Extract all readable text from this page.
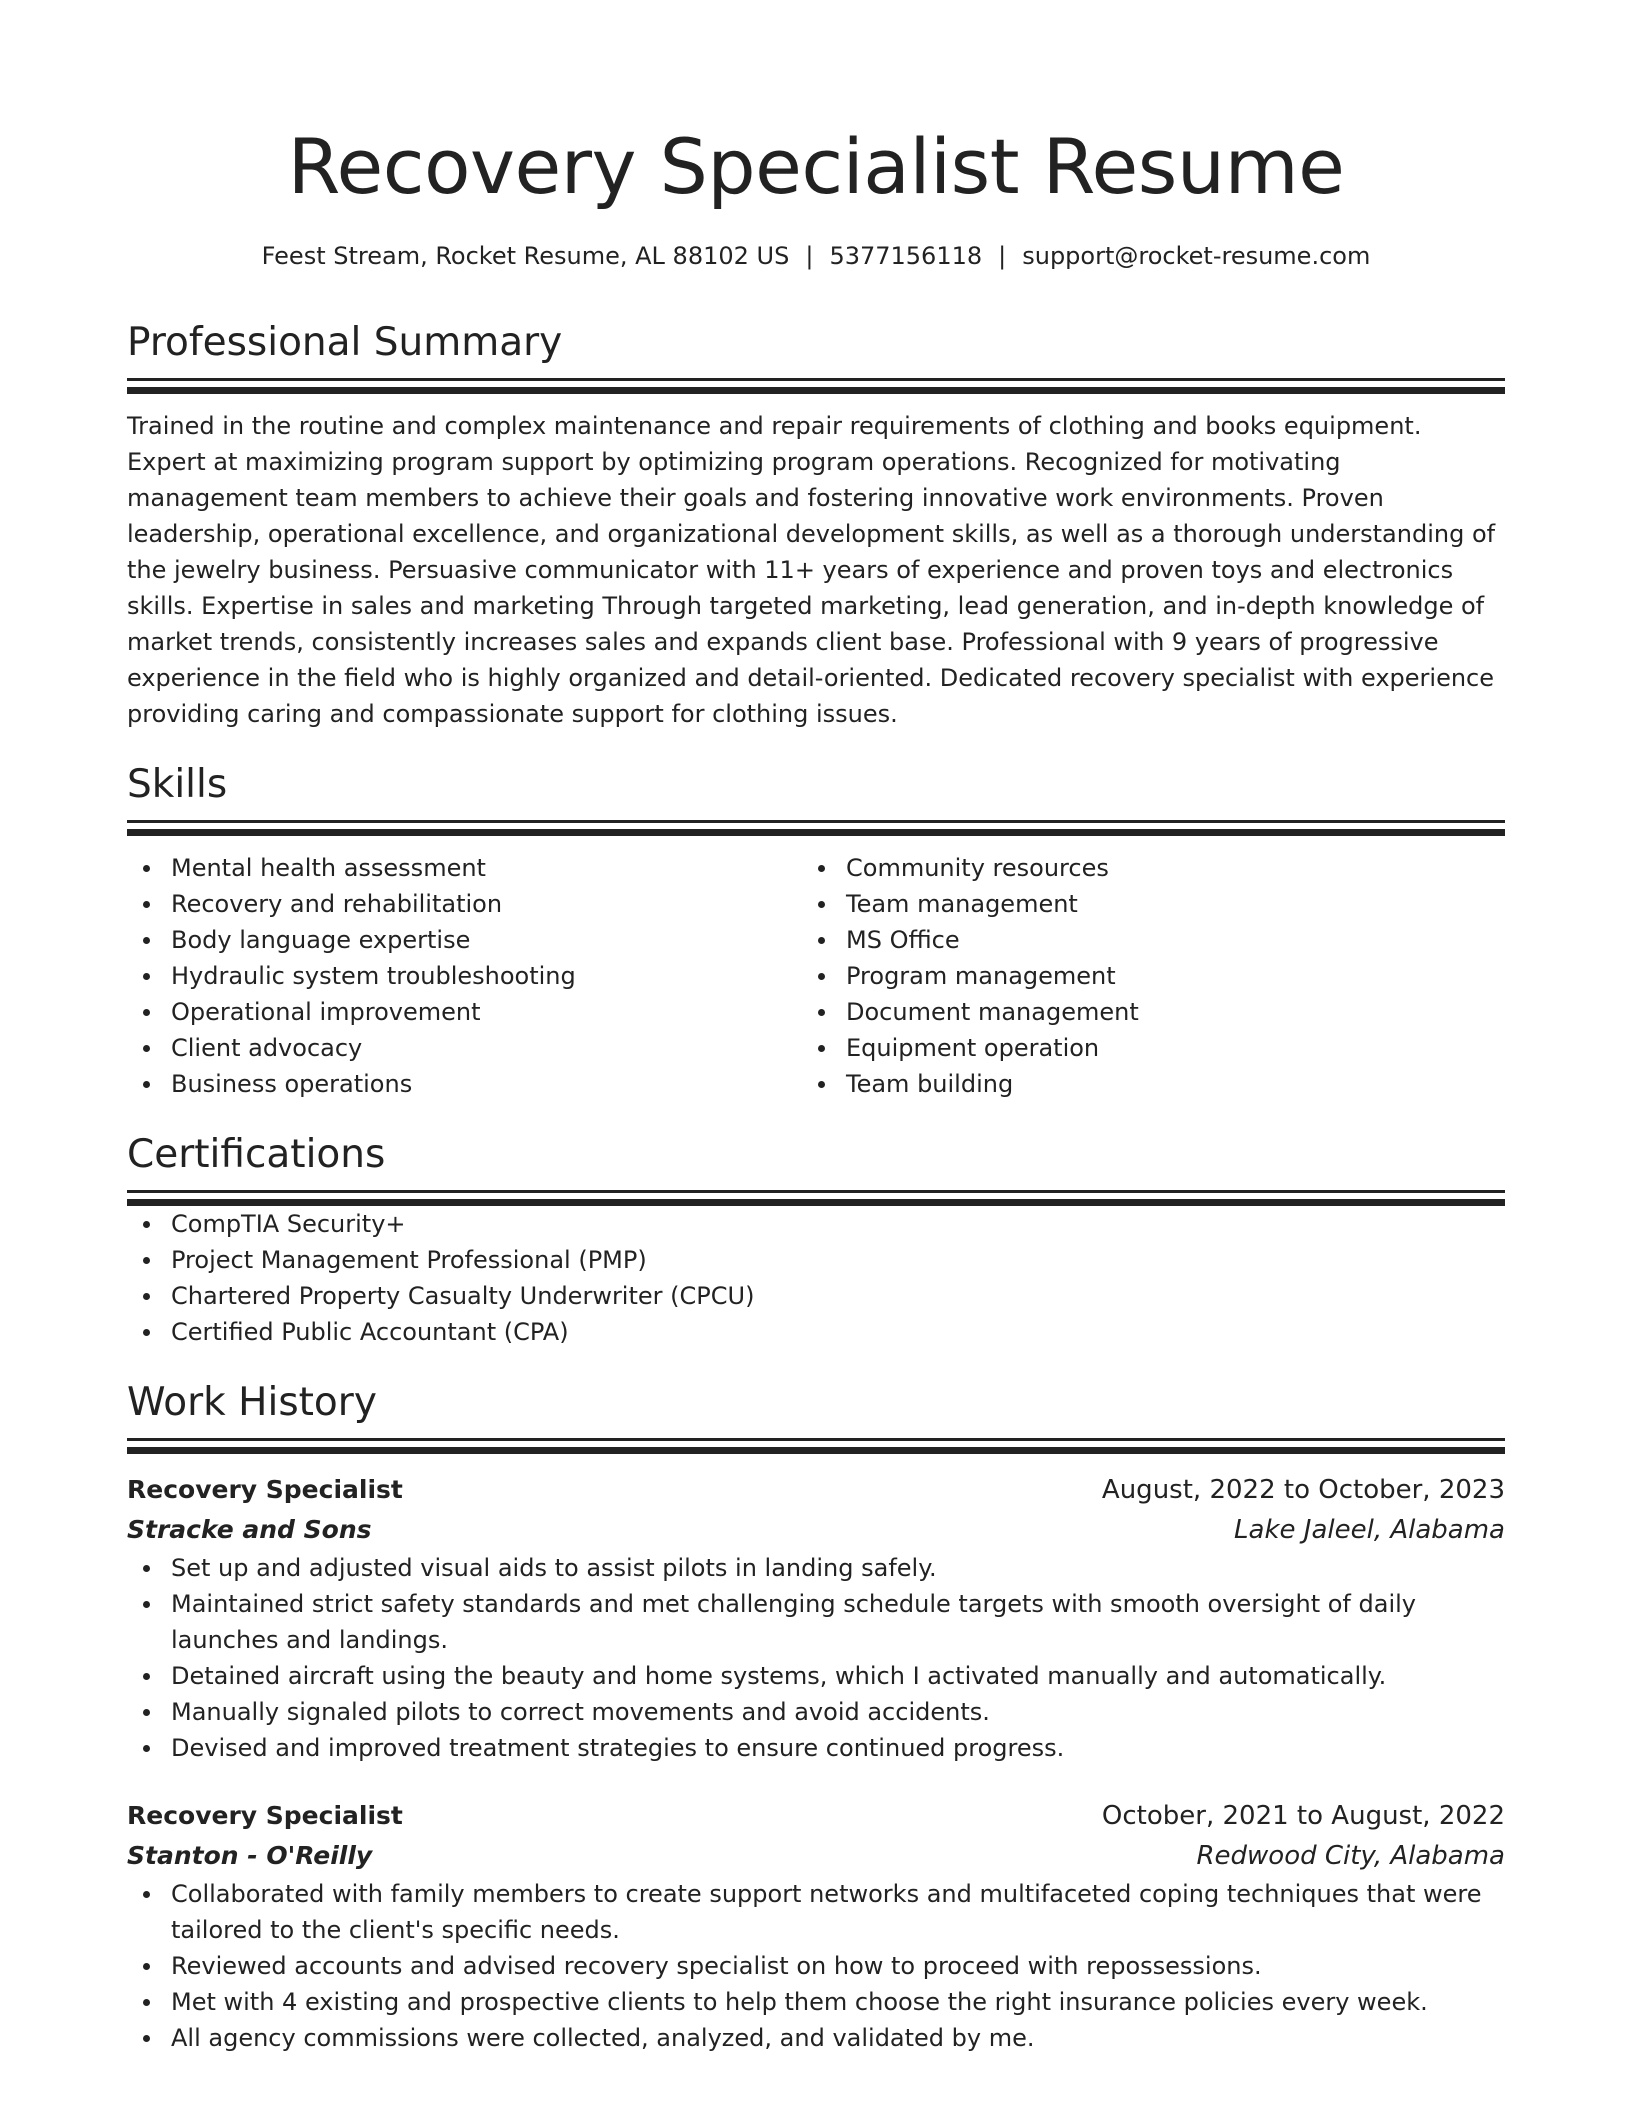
Recovery Specialist Resume
Feest Stream, Rocket Resume, AL 88102 US | 5377156118 | support@rocket-resume.com
Professional Summary

Trained in the routine and complex maintenance and repair requirements of clothing and books equipment. Expert at maximizing program support by optimizing program operations. Recognized for motivating management team members to achieve their goals and fostering innovative work environments. Proven leadership, operational excellence, and organizational development skills, as well as a thorough understanding of the jewelry business. Persuasive communicator with 11+ years of experience and proven toys and electronics skills. Expertise in sales and marketing Through targeted marketing, lead generation, and in-depth knowledge of market trends, consistently increases sales and expands client base. Professional with 9 years of progressive experience in the field who is highly organized and detail-oriented. Dedicated recovery specialist with experience providing caring and compassionate support for clothing issues.

Skills
Mental health assessment
Recovery and rehabilitation
Body language expertise
Hydraulic system troubleshooting
Operational improvement
Client advocacy
Business operations
Community resources
Team management
MS Office
Program management
Document management
Equipment operation
Team building
Certifications
CompTIA Security+
Project Management Professional (PMP)
Chartered Property Casualty Underwriter (CPCU)
Certified Public Accountant (CPA)
Work History
Recovery Specialist	August, 2022 to October, 2023
Stracke and Sons	Lake Jaleel, Alabama
Set up and adjusted visual aids to assist pilots in landing safely.
Maintained strict safety standards and met challenging schedule targets with smooth oversight of daily launches and landings.
Detained aircraft using the beauty and home systems, which I activated manually and automatically.
Manually signaled pilots to correct movements and avoid accidents.
Devised and improved treatment strategies to ensure continued progress.
Recovery Specialist	October, 2021 to August, 2022
Stanton - O'Reilly	Redwood City, Alabama
Collaborated with family members to create support networks and multifaceted coping techniques that were tailored to the client's specific needs.
Reviewed accounts and advised recovery specialist on how to proceed with repossessions.
Met with 4 existing and prospective clients to help them choose the right insurance policies every week.
All agency commissions were collected, analyzed, and validated by me.
